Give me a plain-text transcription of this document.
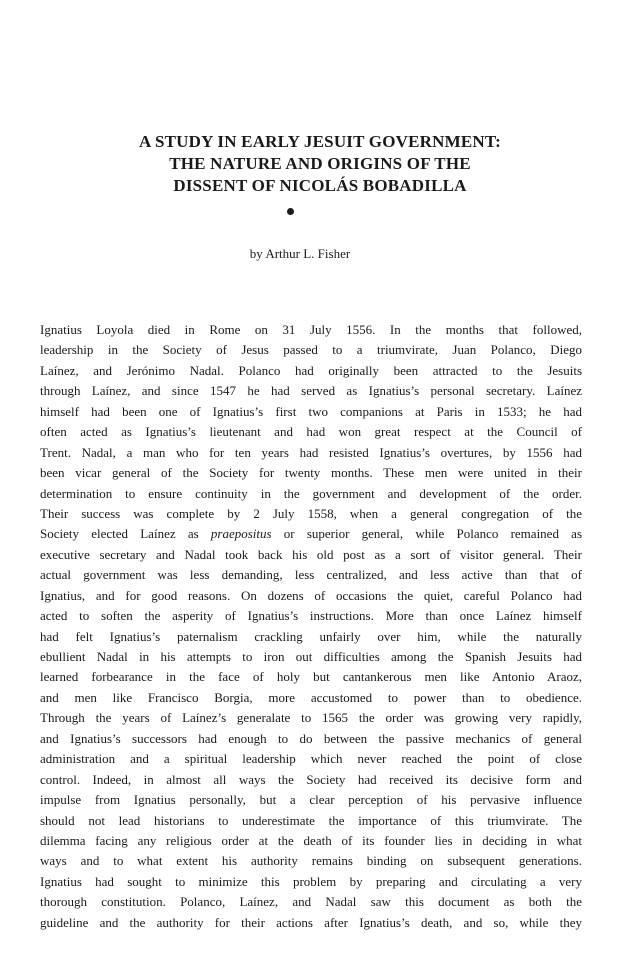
A STUDY IN EARLY JESUIT GOVERNMENT:
THE NATURE AND ORIGINS OF THE
DISSENT OF NICOLÁS BOBADILLA
by Arthur L. Fisher
Ignatius Loyola died in Rome on 31 July 1556. In the months that followed,
leadership in the Society of Jesus passed to a triumvirate, Juan Polanco, Diego
Laínez, and Jerónimo Nadal. Polanco had originally been attracted to the Jesuits
through Laínez, and since 1547 he had served as Ignatius’s personal secretary. Laínez
himself had been one of Ignatius’s first two companions at Paris in 1533; he had
often acted as Ignatius’s lieutenant and had won great respect at the Council of
Trent. Nadal, a man who for ten years had resisted Ignatius’s overtures, by 1556 had
been vicar general of the Society for twenty months. These men were united in their
determination to ensure continuity in the government and development of the order.
Their success was complete by 2 July 1558, when a general congregation of the
Society elected Laínez as praepositus or superior general, while Polanco remained as
executive secretary and Nadal took back his old post as a sort of visitor general. Their
actual government was less demanding, less centralized, and less active than that of
Ignatius, and for good reasons. On dozens of occasions the quiet, careful Polanco had
acted to soften the asperity of Ignatius’s instructions. More than once Laínez himself
had felt Ignatius’s paternalism crackling unfairly over him, while the naturally
ebullient Nadal in his attempts to iron out difficulties among the Spanish Jesuits had
learned forbearance in the face of holy but cantankerous men like Antonio Araoz,
and men like Francisco Borgia, more accustomed to power than to obedience.
Through the years of Laínez’s generalate to 1565 the order was growing very rapidly,
and Ignatius’s successors had enough to do between the passive mechanics of general
administration and a spiritual leadership which never reached the point of close
control. Indeed, in almost all ways the Society had received its decisive form and
impulse from Ignatius personally, but a clear perception of his pervasive influence
should not lead historians to underestimate the importance of this triumvirate. The
dilemma facing any religious order at the death of its founder lies in deciding in what
ways and to what extent his authority remains binding on subsequent generations.
Ignatius had sought to minimize this problem by preparing and circulating a very
thorough constitution. Polanco, Laínez, and Nadal saw this document as both the
guideline and the authority for their actions after Ignatius’s death, and so, while they
